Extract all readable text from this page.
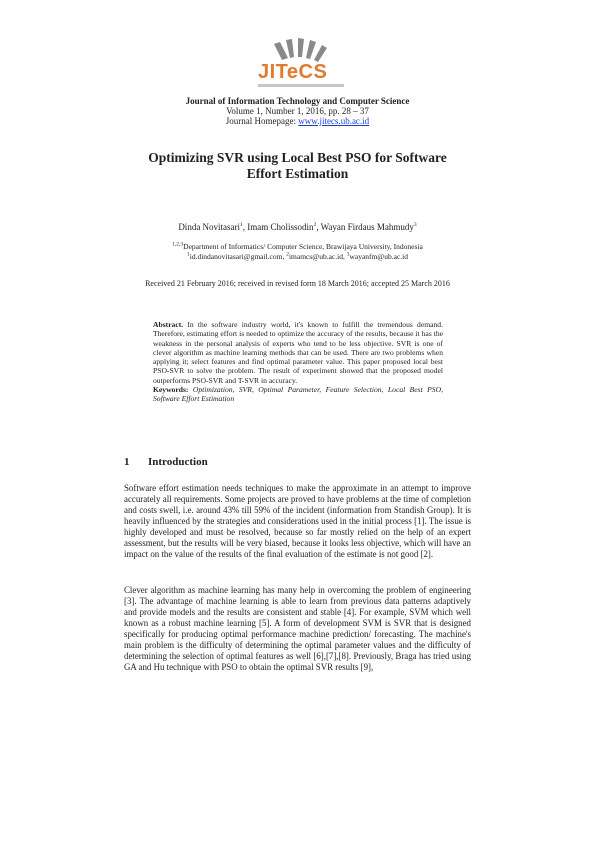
JITeCS
Journal of Information Technology and Computer Science
Volume 1, Number 1, 2016, pp. 28 – 37
Journal Homepage: www.jitecs.ub.ac.id
Optimizing SVR using Local Best PSO for Software
Effort Estimation
Dinda Novitasari$^1$, Imam Cholissodin$^2$, Wayan Firdaus Mahmudy$^3$
$^{1,2,3}$Department of Informatics/ Computer Science, Brawijaya University, Indonesia
$^1$id.dindanovitasari@gmail.com, $^2$imamcs@ub.ac.id, $^3$wayanfm@ub.ac.id
Received 21 February 2016; received in revised form 18 March 2016; accepted 25 March 2016
Abstract. In the software industry world, it's known to fulfill the tremendous demand. Therefore, estimating effort is needed to optimize the accuracy of the results, because it has the weakness in the personal analysis of experts who tend to be less objective. SVR is one of clever algorithm as machine learning methods that can be used. There are two problems when applying it; select features and find optimal parameter value. This paper proposed local best PSO-SVR to solve the problem. The result of experiment showed that the proposed model outperforms PSO-SVR and T-SVR in accuracy.
Keywords: Optimization, SVR, Optimal Parameter, Feature Selection, Local Best PSO, Software Effort Estimation
1 Introduction
Software effort estimation needs techniques to make the approximate in an attempt to improve accurately all requirements. Some projects are proved to have problems at the time of completion and costs swell, i.e. around 43% till 59% of the incident (information from Standish Group). It is heavily influenced by the strategies and considerations used in the initial process [1]. The issue is highly developed and must be resolved, because so far mostly relied on the help of an expert assessment, but the results will be very biased, because it looks less objective, which will have an impact on the value of the results of the final evaluation of the estimate is not good [2].
Clever algorithm as machine learning has many help in overcoming the problem of engineering [3]. The advantage of machine learning is able to learn from previous data patterns adaptively and provide models and the results are consistent and stable [4]. For example, SVM which well known as a robust machine learning [5]. A form of development SVM is SVR that is designed specifically for producing optimal performance machine prediction/ forecasting. The machine's main problem is the difficulty of determining the optimal parameter values and the difficulty of determining the selection of optimal features as well [6],[7],[8]. Previously, Braga has tried using GA and Hu technique with PSO to obtain the optimal SVR results [9],
